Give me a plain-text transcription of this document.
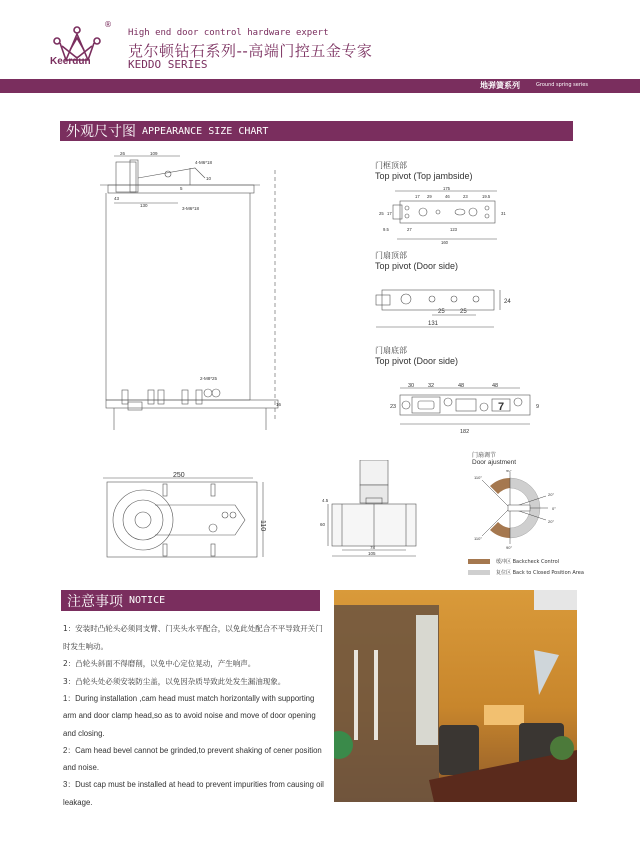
Keerdun
®
High end door control hardware expert
克尔顿钻石系列--高端门控五金专家
KEDDO SERIES
地弹簧系列	Ground spring series
外观尺寸图 APPEARANCE SIZE CHART
26	109
4-M6*18
10
43
130
5
3-M6*18
16
2-M8*25
门框顶部
Top pivot (Top jambside)
175
17 29	46	23	19.5
25 17	31
9.5	27	123
160
门扇顶部
Top pivot (Door side)
24
25	25
131
门扇底部
Top pivot (Door side)
30	32	48	48
23	9
182
7
250
110
4.5
60
78
105
门扇调节
Door ajustment
90°
110°
20°
0°
20°
110°
90°
缓冲区
Backcheck Control
复位区
Back to Closed Position Area
注意事项 NOTICE
1：安装时凸轮头必须同支臂、门夹头水平配合，以免此处配合不平导致开关门时发生响动。
2：凸轮头斜面不得磨削，以免中心定位晃动，产生响声。
3：凸轮头处必须安装防尘盖，以免因杂质导致此处发生漏油现象。
1：During installation ,cam head must match horizontally with supporting arm and door clamp head,so as to avoid noise and move of door opening and closing.
2：Cam head bevel cannot be grinded,to prevent shaking of cener position and noise.
3：Dust cap must be installed at head to prevent impurities from causing oil leakage.
